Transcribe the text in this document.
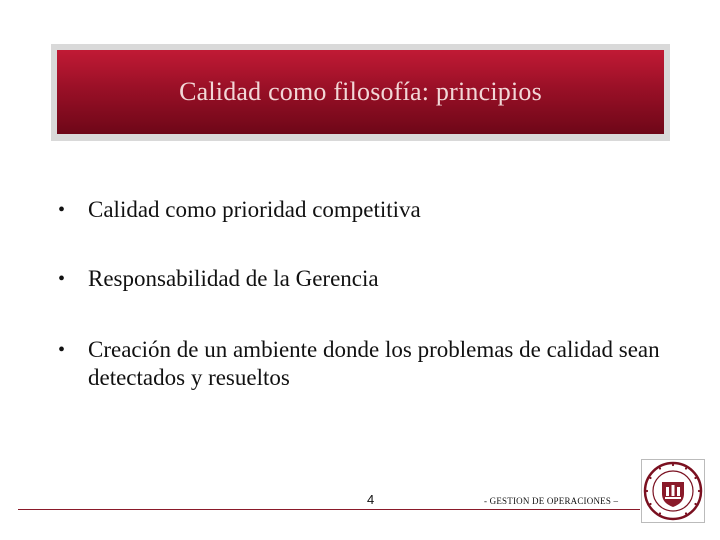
Calidad como filosofía: principios
• Calidad como prioridad competitiva
• Responsabilidad de la Gerencia
• Creación de un ambiente donde los problemas de calidad sean detectados y resueltos
4	- GESTION DE OPERACIONES –
